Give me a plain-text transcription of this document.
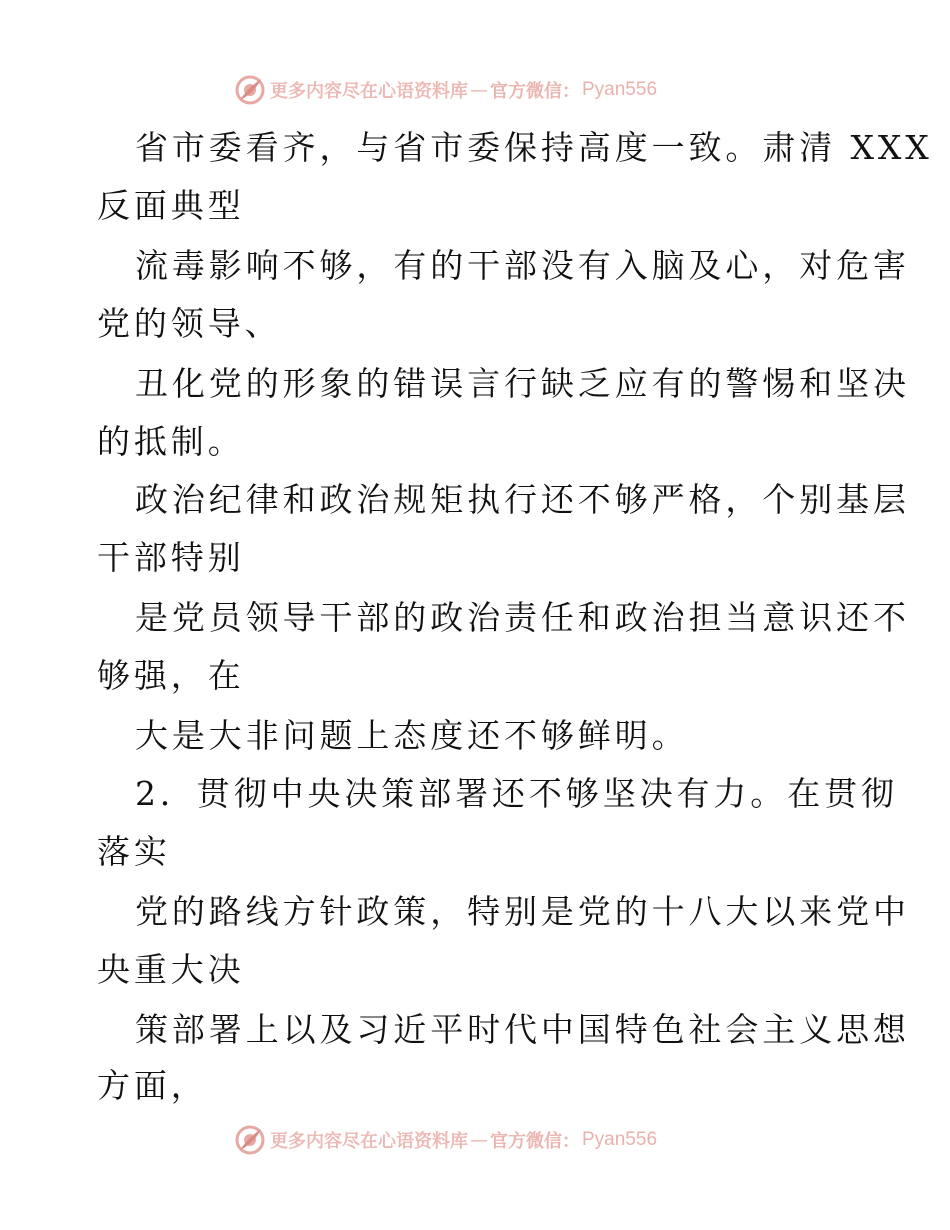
更多内容尽在心语资料库 — 官方微信： Pyan556
省市委看齐，与省市委保持高度一致。肃清 XXX
反面典型
流毒影响不够，有的干部没有入脑及心，对危害
党的领导、
丑化党的形象的错误言行缺乏应有的警惕和坚决
的抵制。
政治纪律和政治规矩执行还不够严格，个别基层
干部特别
是党员领导干部的政治责任和政治担当意识还不
够强，在
大是大非问题上态度还不够鲜明。
2．贯彻中央决策部署还不够坚决有力。在贯彻
落实
党的路线方针政策，特别是党的十八大以来党中
央重大决
策部署上以及习近平时代中国特色社会主义思想
方面，
更多内容尽在心语资料库 — 官方微信： Pyan556
